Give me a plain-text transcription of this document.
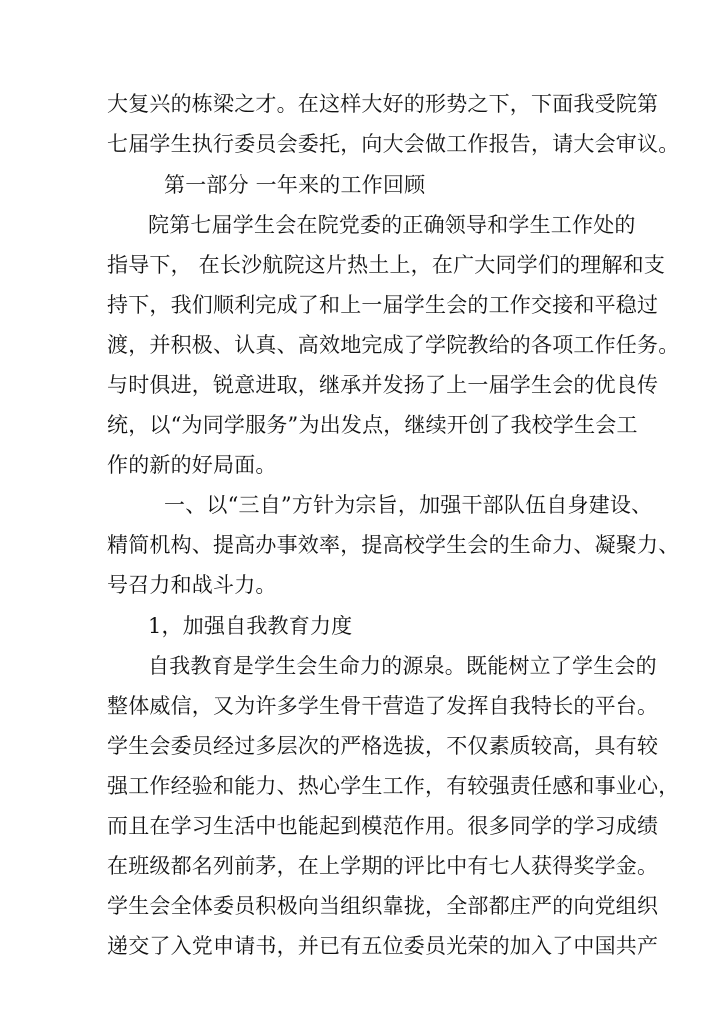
大复兴的栋梁之才。在这样大好的形势之下，下面我受院第
七届学生执行委员会委托，向大会做工作报告，请大会审议。
第一部分 一年来的工作回顾
院第七届学生会在院党委的正确领导和学生工作处的
指导下， 在长沙航院这片热土上，在广大同学们的理解和支
持下，我们顺利完成了和上一届学生会的工作交接和平稳过
渡，并积极、认真、高效地完成了学院教给的各项工作任务。
与时俱进，锐意进取，继承并发扬了上一届学生会的优良传
统，以“为同学服务”为出发点，继续开创了我校学生会工
作的新的好局面。
一、以“三自”方针为宗旨，加强干部队伍自身建设、
精简机构、提高办事效率，提高校学生会的生命力、凝聚力、
号召力和战斗力。
1，加强自我教育力度
自我教育是学生会生命力的源泉。既能树立了学生会的
整体威信，又为许多学生骨干营造了发挥自我特长的平台。
学生会委员经过多层次的严格选拔，不仅素质较高，具有较
强工作经验和能力、热心学生工作，有较强责任感和事业心，
而且在学习生活中也能起到模范作用。很多同学的学习成绩
在班级都名列前茅，在上学期的评比中有七人获得奖学金。
学生会全体委员积极向当组织靠拢，全部都庄严的向党组织
递交了入党申请书，并已有五位委员光荣的加入了中国共产
